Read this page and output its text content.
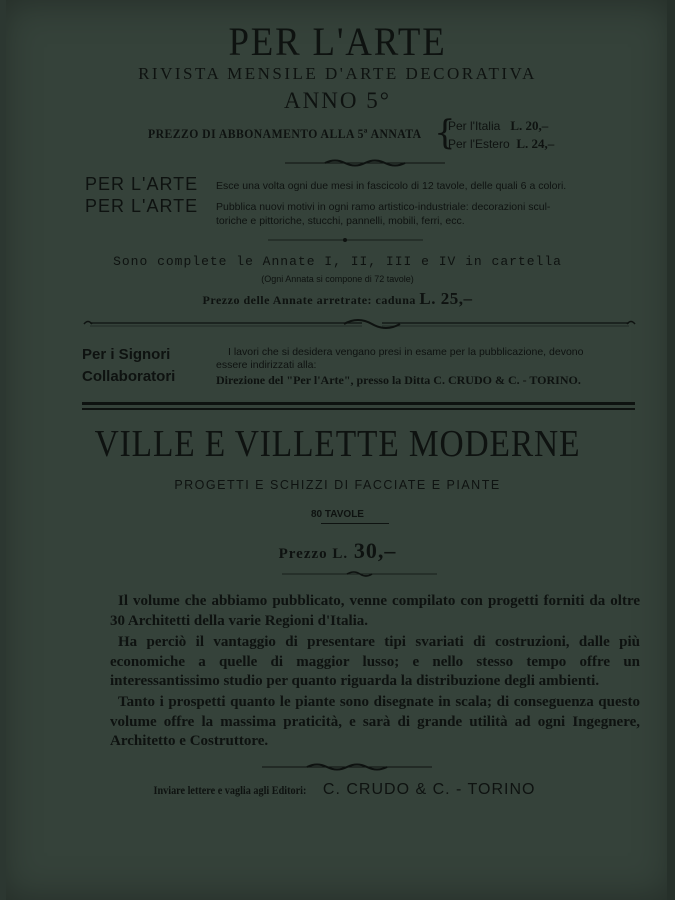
PER L'ARTE
RIVISTA MENSILE D'ARTE DECORATIVA
ANNO 5°
PREZZO DI ABBONAMENTO ALLA 5ª ANNATA {
Per l'Italia L. 20,–
Per l'Estero L. 24,–
PER L'ARTE Esce una volta ogni due mesi in fascicolo di 12 tavole, delle quali 6 a colori.
PER L'ARTE Pubblica nuovi motivi in ogni ramo artistico-industriale: decorazioni scul-
toriche e pittoriche, stucchi, pannelli, mobili, ferri, ecc.
Sono complete le Annate I, II, III e IV in cartella
(Ogni Annata si compone di 72 tavole)
Prezzo delle Annate arretrate: caduna L. 25,–
Per i Signori
Collaboratori
I lavori che si desidera vengano presi in esame per la pubblicazione, devono
essere indirizzati alla:
Direzione del "Per l'Arte", presso la Ditta C. CRUDO & C. - TORINO.
VILLE E VILLETTE MODERNE
PROGETTI E SCHIZZI DI FACCIATE E PIANTE
80 TAVOLE
Prezzo L. 30,–

Il volume che abbiamo pubblicato, venne compilato con progetti forniti da oltre 30 Architetti della varie Regioni d'Italia.

Ha perciò il vantaggio di presentare tipi svariati di costruzioni, dalle più economiche a quelle di maggior lusso; e nello stesso tempo offre un interessantissimo studio per quanto riguarda la distribuzione degli ambienti.

Tanto i prospetti quanto le piante sono disegnate in scala; di conseguenza questo volume offre la massima praticità, e sarà di grande utilità ad ogni Ingegnere, Architetto e Costruttore.

Inviare lettere e vaglia agli Editori: C. CRUDO & C. - TORINO
